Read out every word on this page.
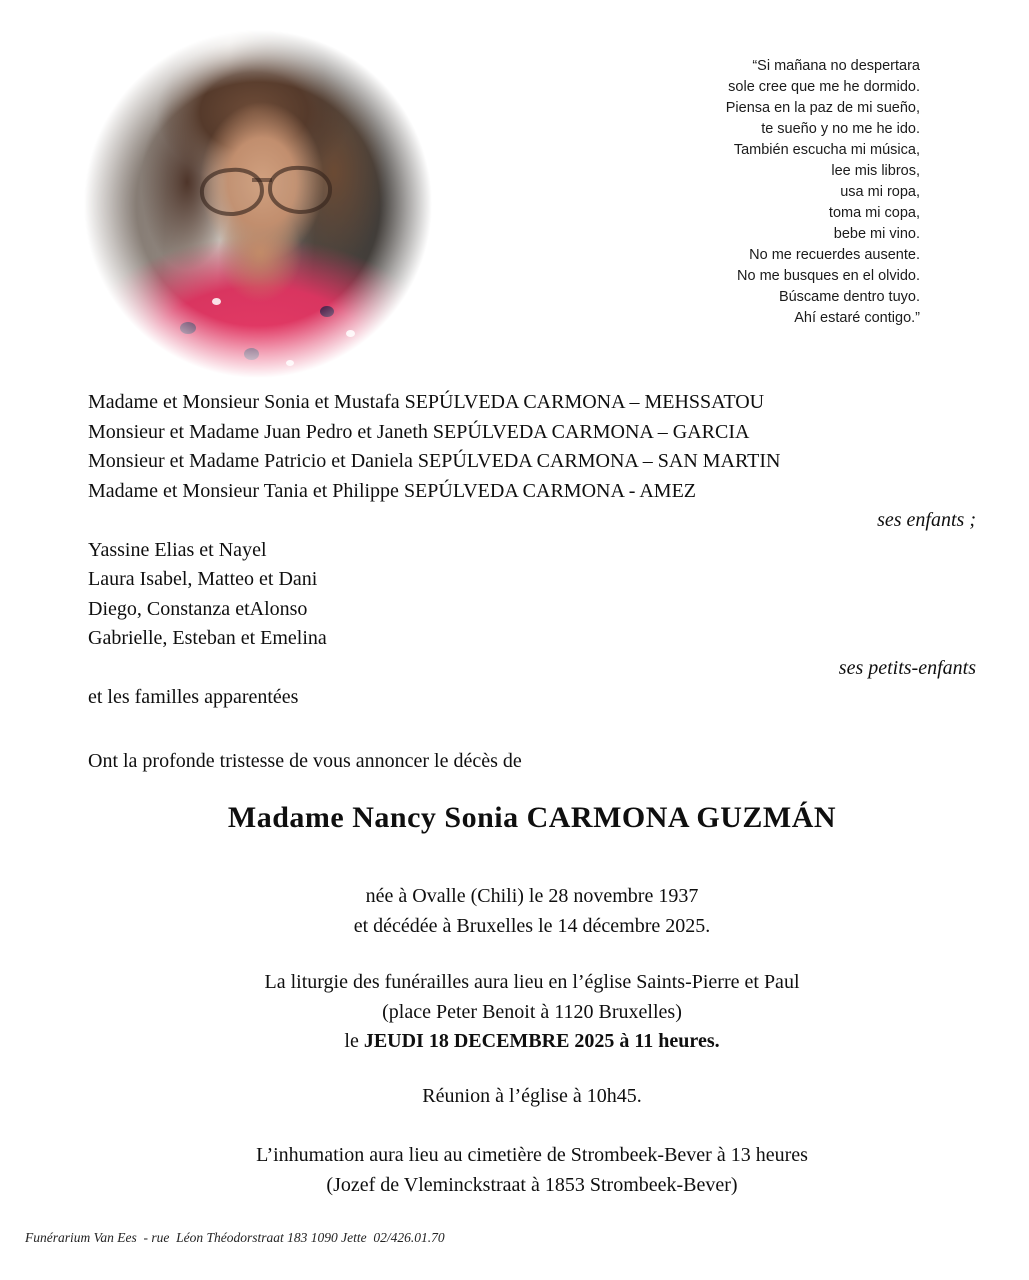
“Si mañana no despertara
sole cree que me he dormido.
Piensa en la paz de mi sueño,
te sueño y no me he ido.
También escucha mi música,
lee mis libros,
usa mi ropa,
toma mi copa,
bebe mi vino.
No me recuerdes ausente.
No me busques en el olvido.
Búscame dentro tuyo.
Ahí estaré contigo.”
Madame et Monsieur Sonia et Mustafa SEPÚLVEDA CARMONA – MEHSSATOU
Monsieur et Madame Juan Pedro et Janeth SEPÚLVEDA CARMONA – GARCIA
Monsieur et Madame Patricio et Daniela SEPÚLVEDA CARMONA – SAN MARTIN
Madame et Monsieur Tania et Philippe SEPÚLVEDA CARMONA - AMEZ
ses enfants ;
Yassine Elias et Nayel
Laura Isabel, Matteo et Dani
Diego, Constanza etAlonso
Gabrielle, Esteban et Emelina
ses petits-enfants
et les familles apparentées
Ont la profonde tristesse de vous annoncer le décès de
Madame Nancy Sonia CARMONA GUZMÁN
née à Ovalle (Chili) le 28 novembre 1937
et décédée à Bruxelles le 14 décembre 2025.
La liturgie des funérailles aura lieu en l’église Saints-Pierre et Paul
(place Peter Benoit à 1120 Bruxelles)
le JEUDI 18 DECEMBRE 2025 à 11 heures.
Réunion à l’église à 10h45.
L’inhumation aura lieu au cimetière de Strombeek-Bever à 13 heures
(Jozef de Vleminckstraat à 1853 Strombeek-Bever)
Funérarium Van Ees  - rue  Léon Théodorstraat 183 1090 Jette  02/426.01.70
